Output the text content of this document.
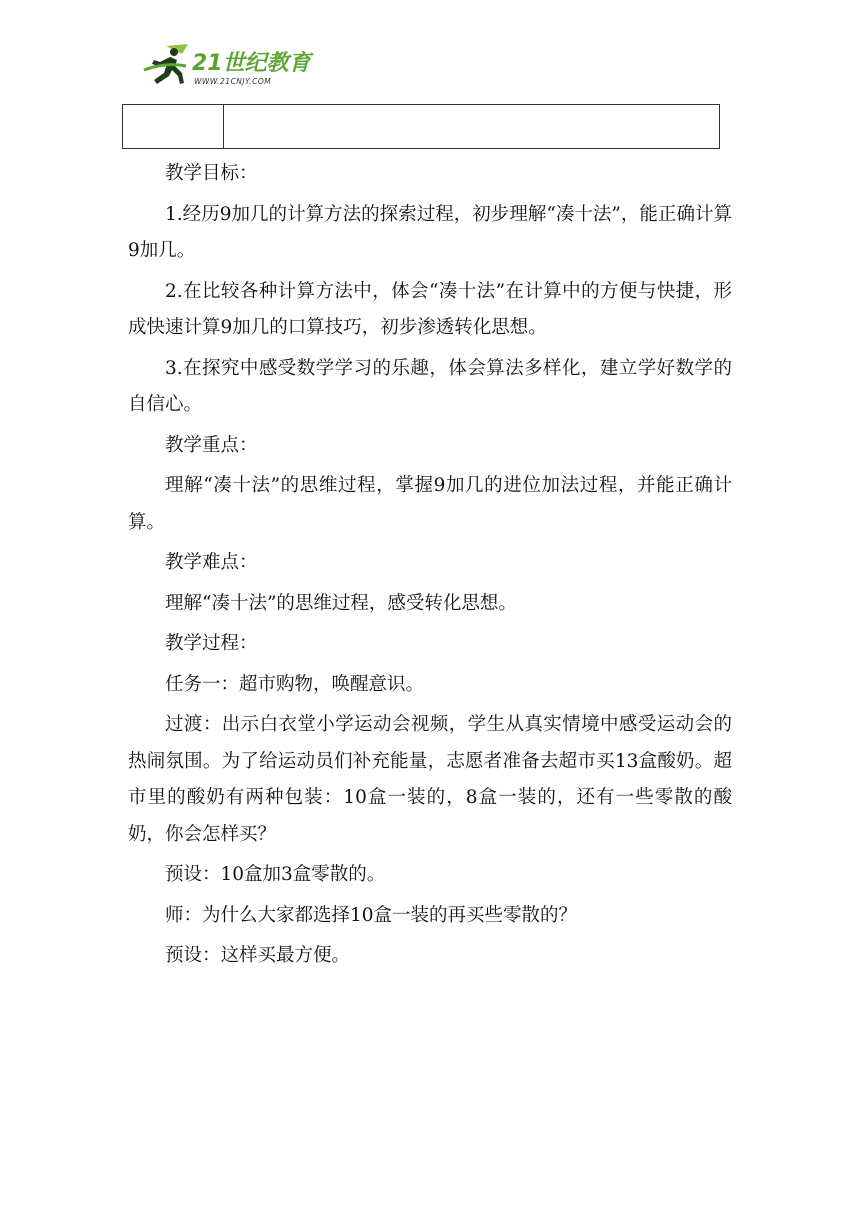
21世纪教育
WWW.21CNJY.COM

教学目标：

1.经历9加几的计算方法的探索过程，初步理解“凑十法”，能正确计算9加几。

2.在比较各种计算方法中，体会“凑十法”在计算中的方便与快捷，形成快速计算9加几的口算技巧，初步渗透转化思想。

3.在探究中感受数学学习的乐趣，体会算法多样化，建立学好数学的自信心。

教学重点：

理解“凑十法”的思维过程，掌握9加几的进位加法过程，并能正确计算。

教学难点：

理解“凑十法”的思维过程，感受转化思想。

教学过程：

任务一：超市购物，唤醒意识。

过渡：出示白衣堂小学运动会视频，学生从真实情境中感受运动会的热闹氛围。为了给运动员们补充能量，志愿者准备去超市买13盒酸奶。超市里的酸奶有两种包装：10盒一装的，8盒一装的，还有一些零散的酸奶，你会怎样买？

预设：10盒加3盒零散的。

师：为什么大家都选择10盒一装的再买些零散的？

预设：这样买最方便。
